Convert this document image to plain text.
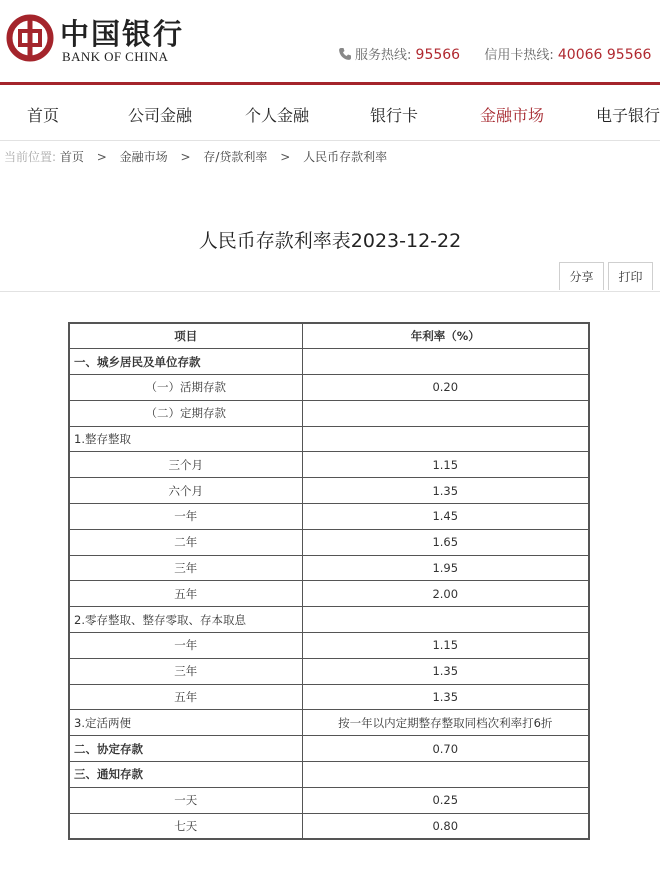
中国银行
BANK OF CHINA	服务热线: 95566 信用卡热线: 40066 95566
首页	公司金融	个人金融	银行卡	金融市场	电子银行
当前位置: 首页 > 金融市场 > 存/贷款利率 > 人民币存款利率
人民币存款利率表2023-12-22
分享	打印
项目	年利率（%）
一、城乡居民及单位存款	
（一）活期存款	0.20
（二）定期存款	
1.整存整取	
三个月	1.15
六个月	1.35
一年	1.45
二年	1.65
三年	1.95
五年	2.00
2.零存整取、整存零取、存本取息	
一年	1.15
三年	1.35
五年	1.35
3.定活两便	按一年以内定期整存整取同档次利率打6折
二、协定存款	0.70
三、通知存款	
一天	0.25
七天	0.80
